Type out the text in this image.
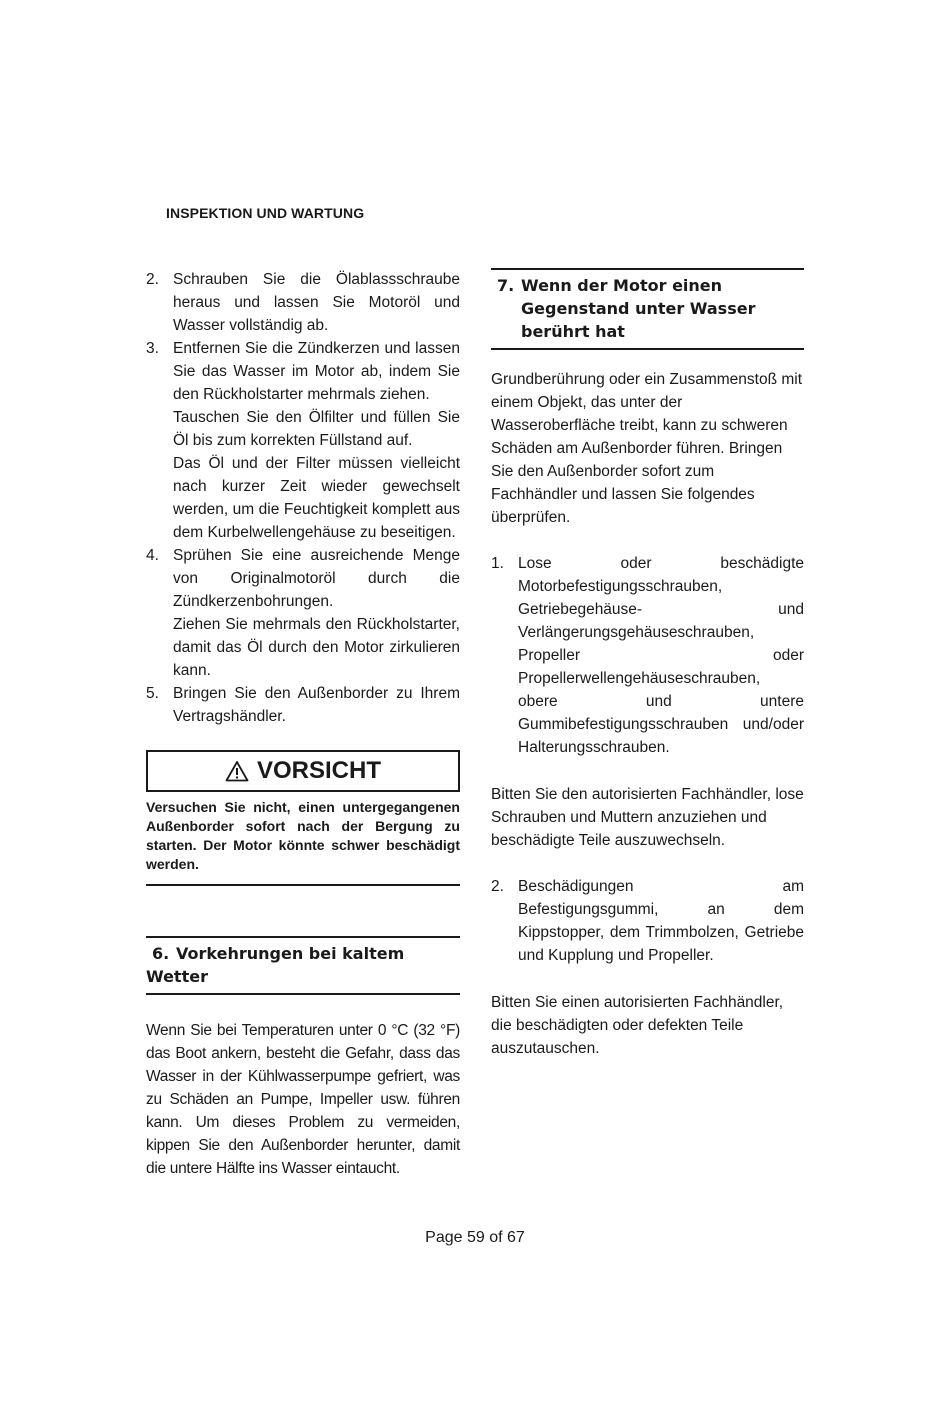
INSPEKTION UND WARTUNG
2. Schrauben Sie die Ölablassschraube heraus und lassen Sie Motoröl und Wasser vollständig ab.

3. Entfernen Sie die Zündkerzen und lassen Sie das Wasser im Motor ab, indem Sie den Rückholstarter mehrmals ziehen.

Tauschen Sie den Ölfilter und füllen Sie Öl bis zum korrekten Füllstand auf.

Das Öl und der Filter müssen vielleicht nach kurzer Zeit wieder gewechselt werden, um die Feuchtigkeit komplett aus dem Kurbelwellengehäuse zu beseitigen.

4. Sprühen Sie eine ausreichende Menge von Originalmotoröl durch die Zündkerzenbohrungen.

Ziehen Sie mehrmals den Rückholstarter, damit das Öl durch den Motor zirkulieren kann.

5. Bringen Sie den Außenborder zu Ihrem Vertragshändler.

VORSICHT

Versuchen Sie nicht, einen untergegangenen Außenborder sofort nach der Bergung zu starten. Der Motor könnte schwer beschädigt werden.

6. Vorkehrungen bei kaltem Wetter

Wenn Sie bei Temperaturen unter 0 °C (32 °F) das Boot ankern, besteht die Gefahr, dass das Wasser in der Kühlwasserpumpe gefriert, was zu Schäden an Pumpe, Impeller usw. führen kann. Um dieses Problem zu vermeiden, kippen Sie den Außenborder herunter, damit die untere Hälfte ins Wasser eintaucht.

7. Wenn der Motor einen Gegenstand unter Wasser berührt hat

Grundberührung oder ein Zusammenstoß mit einem Objekt, das unter der Wasseroberfläche treibt, kann zu schweren Schäden am Außenborder führen. Bringen Sie den Außenborder sofort zum Fachhändler und lassen Sie folgendes überprüfen.

1. Lose oder beschädigte Motorbefestigungsschrauben, Getriebegehäuse- und Verlängerungsgehäuseschrauben, Propeller oder Propellerwellengehäuseschrauben, obere und untere Gummibefestigungsschrauben und/oder Halterungsschrauben.

Bitten Sie den autorisierten Fachhändler, lose Schrauben und Muttern anzuziehen und beschädigte Teile auszuwechseln.

2. Beschädigungen am Befestigungsgummi, an dem Kippstopper, dem Trimmbolzen, Getriebe und Kupplung und Propeller.

Bitten Sie einen autorisierten Fachhändler, die beschädigten oder defekten Teile auszutauschen.

Page 59 of 67
